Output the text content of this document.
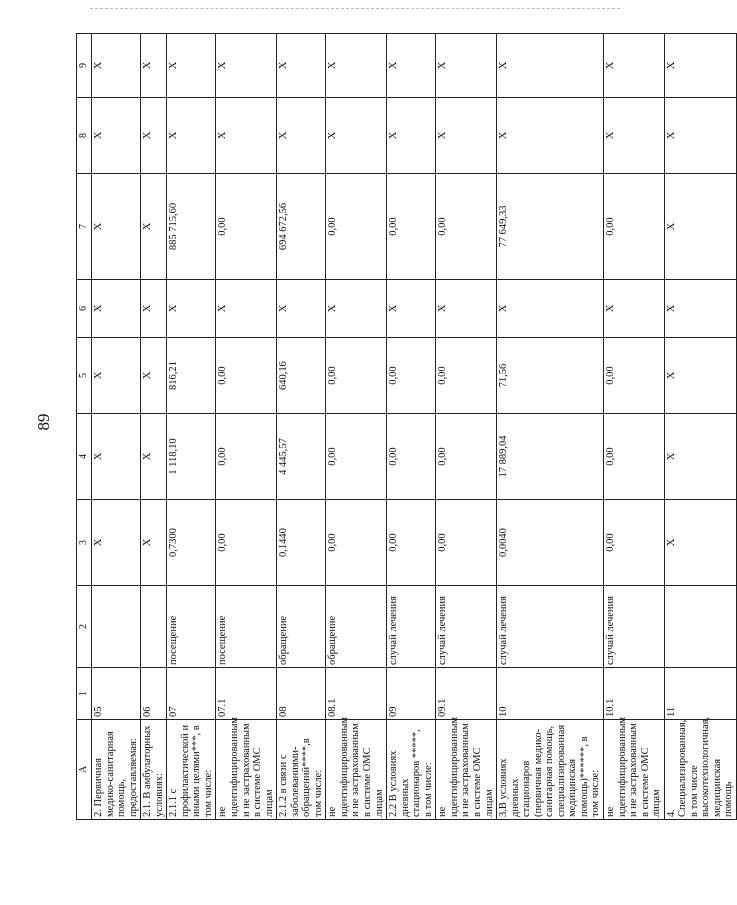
89
A	1	2	3	4	5	6	7	8	9
2. Первичная медико-санитарная помощь, предоставляемая:	05		X	X	X	X	X	X	X
2.1. В амбулаторных условиях:	06		X	X	X	X	X	X	X
2.1.1 с профилактической и иными целями***, в том числе:	07	посещение	0,7300	1 118,10	816,21	X	885 715,60	X	X
не идентифицированным и не застрахованным в системе ОМС лицам	07.1	посещение	0,00	0,00	0,00	X	0,00	X	X
2.1.2 в связи с заболеваниями-обращений****,в том числе:	08	обращение	0,1440	4 445,57	640,16	X	694 672,56	X	X
не идентифицированным и не застрахованным в системе ОМС лицам	08.1	обращение	0,00	0,00	0,00	X	0,00	X	X
2.2 В условиях дневных стационаров *****, в том числе:	09	случай лечения	0,00	0,00	0,00	X	0,00	X	X
не идентифицированным и не застрахованным в системе ОМС лицам	09.1	случай лечения	0,00	0,00	0,00	X	0,00	X	X
3.В условиях дневных стационаров (первичная медико-санитарная помощь, специализированная медицинская помощь)******, в том числе:	10	случай лечения	0,0040	17 889,04	71,56	X	77 649,33	X	X
не идентифицированным и не застрахованным в системе ОМС лицам	10.1	случай лечения	0,00	0,00	0,00	X	0,00	X	X
4. Специализированная, в том числе высокотехнологичная, медицинская помощь	11		X	X	X	X	X	X	X
